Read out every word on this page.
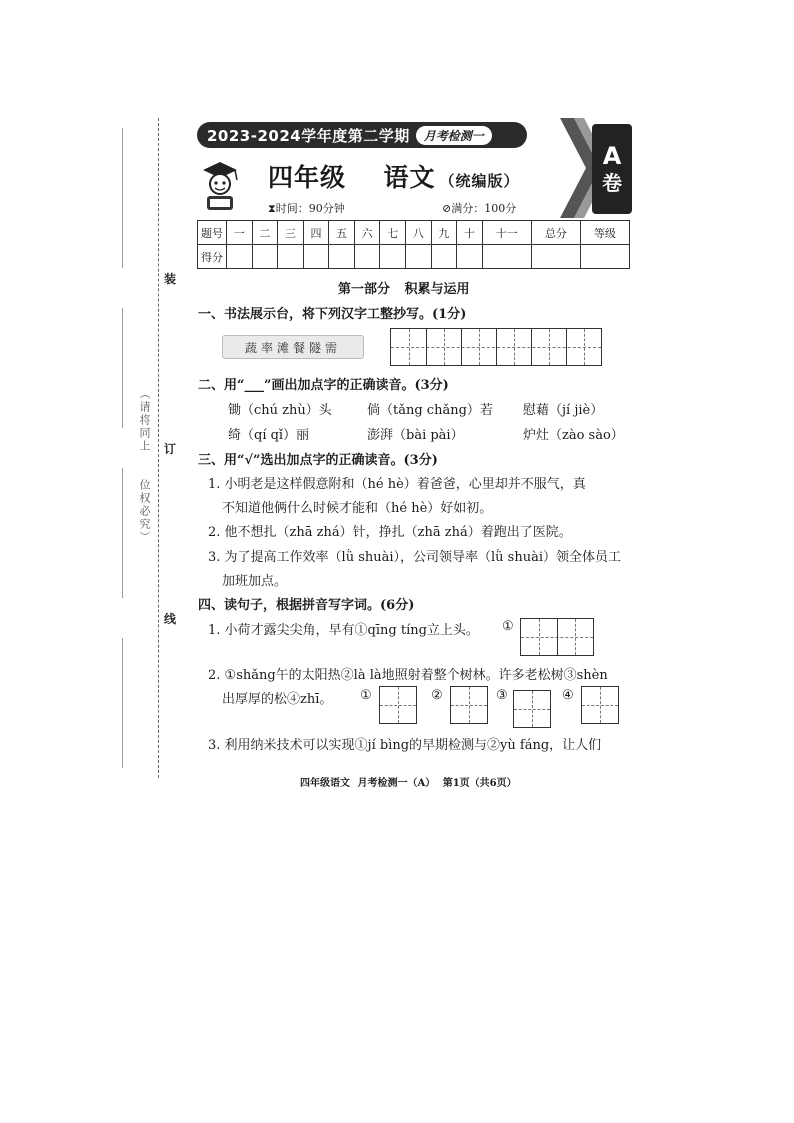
装
订
线
（请将同上　　位权必究）
2023-2024学年度第二学期	月考检测一
A
卷
四年级 语文 （统编版）
⧗时间：90分钟	⊘满分：100分
题号	一	二	三	四	五	六	七	八	九	十	十一	总分	等级
得分													
第一部分 积累与运用
一、书法展示台，将下列汉字工整抄写。(1分)
蔬率滩餐隧需
二、用“___”画出加点字的正确读音。(3分)
锄（chú zhù）头	倘（tǎng chǎng）若 慰藉（jí jiè）
绮（qí qǐ）丽	澎湃（bài pài）	炉灶（zào sào）
三、用“√”选出加点字的正确读音。(3分)
1. 小明老是这样假意附和（hé hè）着爸爸，心里却并不服气，真
不知道他俩什么时候才能和（hé hè）好如初。
2. 他不想扎（zhā zhá）针，挣扎（zhā zhá）着跑出了医院。
3. 为了提高工作效率（lǜ shuài），公司领导率（lǜ shuài）领全体员工
加班加点。
四、读句子，根据拼音写字词。(6分)
1. 小荷才露尖尖角，早有①qīng tíng立上头。 ①
2. ①shǎng午的太阳热②là là地照射着整个树林。许多老松树③shèn
出厚厚的松④zhī。 ①	②	③	④
3. 利用纳米技术可以实现①jí bìng的早期检测与②yù fáng，让人们
四年级语文 月考检测一（A） 第1页（共6页）
